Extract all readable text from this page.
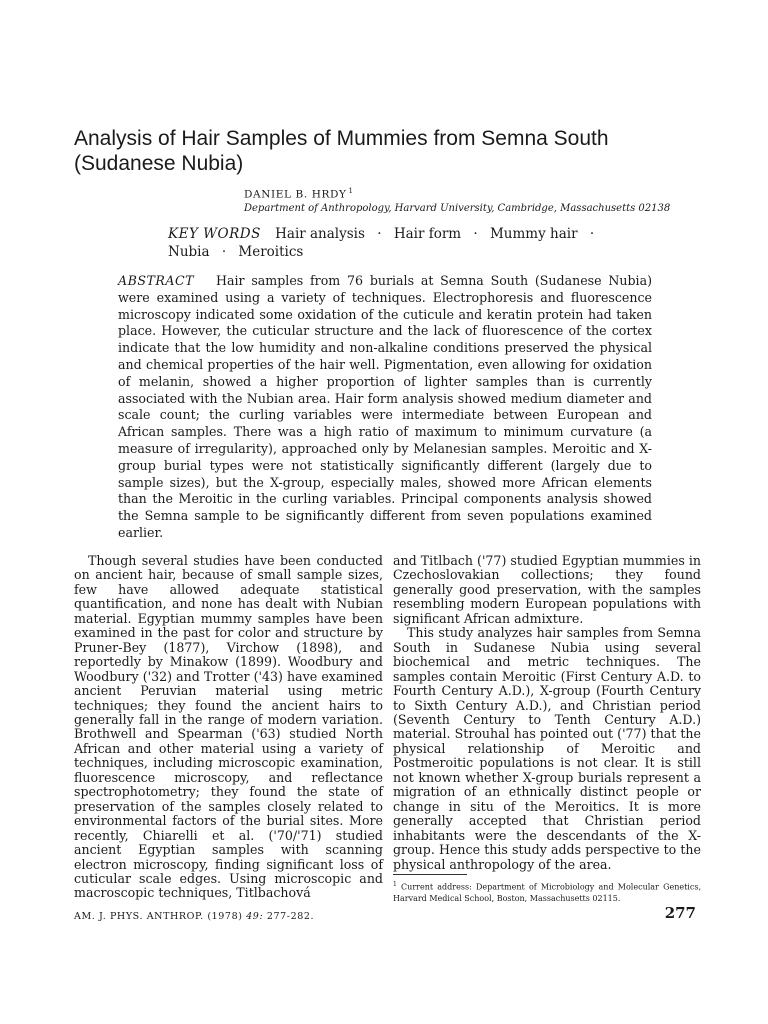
Analysis of Hair Samples of Mummies from Semna South
(Sudanese Nubia)
DANIEL B. HRDY $^1$
Department of Anthropology, Harvard University, Cambridge, Massachusetts 02138
KEY WORDS Hair analysis · Hair form · Mummy hair ·
Nubia · Meroitics

ABSTRACT Hair samples from 76 burials at Semna South (Sudanese Nubia) were examined using a variety of techniques. Electrophoresis and fluorescence microscopy indicated some oxidation of the cuticule and keratin protein had taken place. However, the cuticular structure and the lack of fluorescence of the cortex indicate that the low humidity and non-alkaline conditions preserved the physical and chemical properties of the hair well. Pigmentation, even allowing for oxidation of melanin, showed a higher proportion of lighter samples than is currently associated with the Nubian area. Hair form analysis showed medium diameter and scale count; the curling variables were intermediate between European and African samples. There was a high ratio of maximum to minimum curvature (a measure of irregularity), approached only by Melanesian samples. Meroitic and X-group burial types were not statistically significantly different (largely due to sample sizes), but the X-group, especially males, showed more African elements than the Meroitic in the curling variables. Principal components analysis showed the Semna sample to be significantly different from seven populations examined earlier.

Though several studies have been conducted on ancient hair, because of small sample sizes, few have allowed adequate statistical quantification, and none has dealt with Nubian material. Egyptian mummy samples have been examined in the past for color and structure by Pruner-Bey (1877), Virchow (1898), and reportedly by Minakow (1899). Woodbury and Woodbury ('32) and Trotter ('43) have examined ancient Peruvian material using metric techniques; they found the ancient hairs to generally fall in the range of modern variation. Brothwell and Spearman ('63) studied North African and other material using a variety of techniques, including microscopic examination, fluorescence microscopy, and reflectance spectrophotometry; they found the state of preservation of the samples closely related to environmental factors of the burial sites. More recently, Chiarelli et al. ('70/'71) studied ancient Egyptian samples with scanning electron microscopy, finding significant loss of cuticular scale edges. Using microscopic and macroscopic techniques, Titlbachová

and Titlbach ('77) studied Egyptian mummies in Czechoslovakian collections; they found generally good preservation, with the samples resembling modern European populations with significant African admixture.

This study analyzes hair samples from Semna South in Sudanese Nubia using several biochemical and metric techniques. The samples contain Meroitic (First Century A.D. to Fourth Century A.D.), X-group (Fourth Century to Sixth Century A.D.), and Christian period (Seventh Century to Tenth Century A.D.) material. Strouhal has pointed out ('77) that the physical relationship of Meroitic and Postmeroitic populations is not clear. It is still not known whether X-group burials represent a migration of an ethnically distinct people or change in situ of the Meroitics. It is more generally accepted that Christian period inhabitants were the descendants of the X-group. Hence this study adds perspective to the physical anthropology of the area.

$^1$ Current address: Department of Microbiology and Molecular Genetics, Harvard Medical School, Boston, Massachusetts 02115.
AM. J. PHYS. ANTHROP. (1978) 49: 277-282.	277
